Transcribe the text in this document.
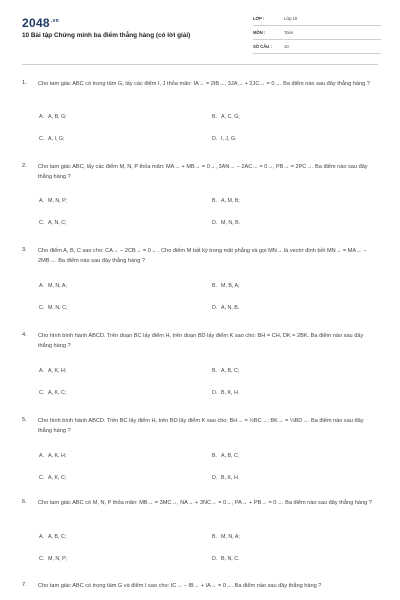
$2048^{.vn}$
10 Bài tập Chứng minh ba điểm thẳng hàng (có lời giải)
LỚP :	Lớp 10
MÔN :	Toán
SỐ CÂU :	10
1. Cho tam giác ABC có trọng tâm G, lấy các điểm I, J thỏa mãn: IA→ = 2IB→, 3JA→ + 2JC→ = 0→. Ba điểm nào sau đây thẳng hàng ?
A. A, B, G;	B. A, C, G;
C. A, I, G;	D. I, J, G.
2. Cho tam giác ABC, lấy các điểm M, N, P thỏa mãn: MA→ + MB→ = 0→, 3AN→ − 2AC→ = 0→, PB→ = 2PC→. Ba điểm nào sau đây thẳng hàng ?
A. M, N, P;	B. A, M, B;
C. A, N, C;	D. M, N, B.
3. Cho điểm A, B, C sao cho: CA→ − 2CB→ = 0→ . Cho điểm M bất kỳ trong mặt phẳng và gọi MN→ là vectơ định bởi MN→ = MA→ − 2MB→. Ba điểm nào sau đây thẳng hàng ?
A. M, N, A;	B. M, B, A;
C. M, N, C;	D. A, N, B.
4. Cho hình bình hành ABCD. Trên đoạn BC lấy điểm H, trên đoạn BD lấy điểm K sao cho: BH = CH, DK = 2BK. Ba điểm nào sau đây thẳng hàng ?
A. A, K, H;	B. A, B, C;
C. A, K, C;	D. B, K, H.
5. Cho hình bình hành ABCD. Trên BC lấy điểm H, trên BD lấy điểm K sao cho: BH→ = ½BC→; BK→ = ⅓BD→. Ba điểm nào sau đây thẳng hàng ?
A. A, K, H;	B. A, B, C;
C. A, K, C;	D. B, K, H.
6. Cho tam giác ABC có M, N, P thỏa mãn: MB→ = 3MC→, NA→ + 3NC→ = 0→, PA→ + PB→ = 0→. Ba điểm nào sau đây thẳng hàng ?
A. A, B, C;	B. M, N, A;
C. M, N, P;	D. B, N, C.
7. Cho tam giác ABC có trọng tâm G và điểm I sao cho: IC→ − IB→ + IA→ = 0→. Ba điểm nào sau đây thẳng hàng ?
